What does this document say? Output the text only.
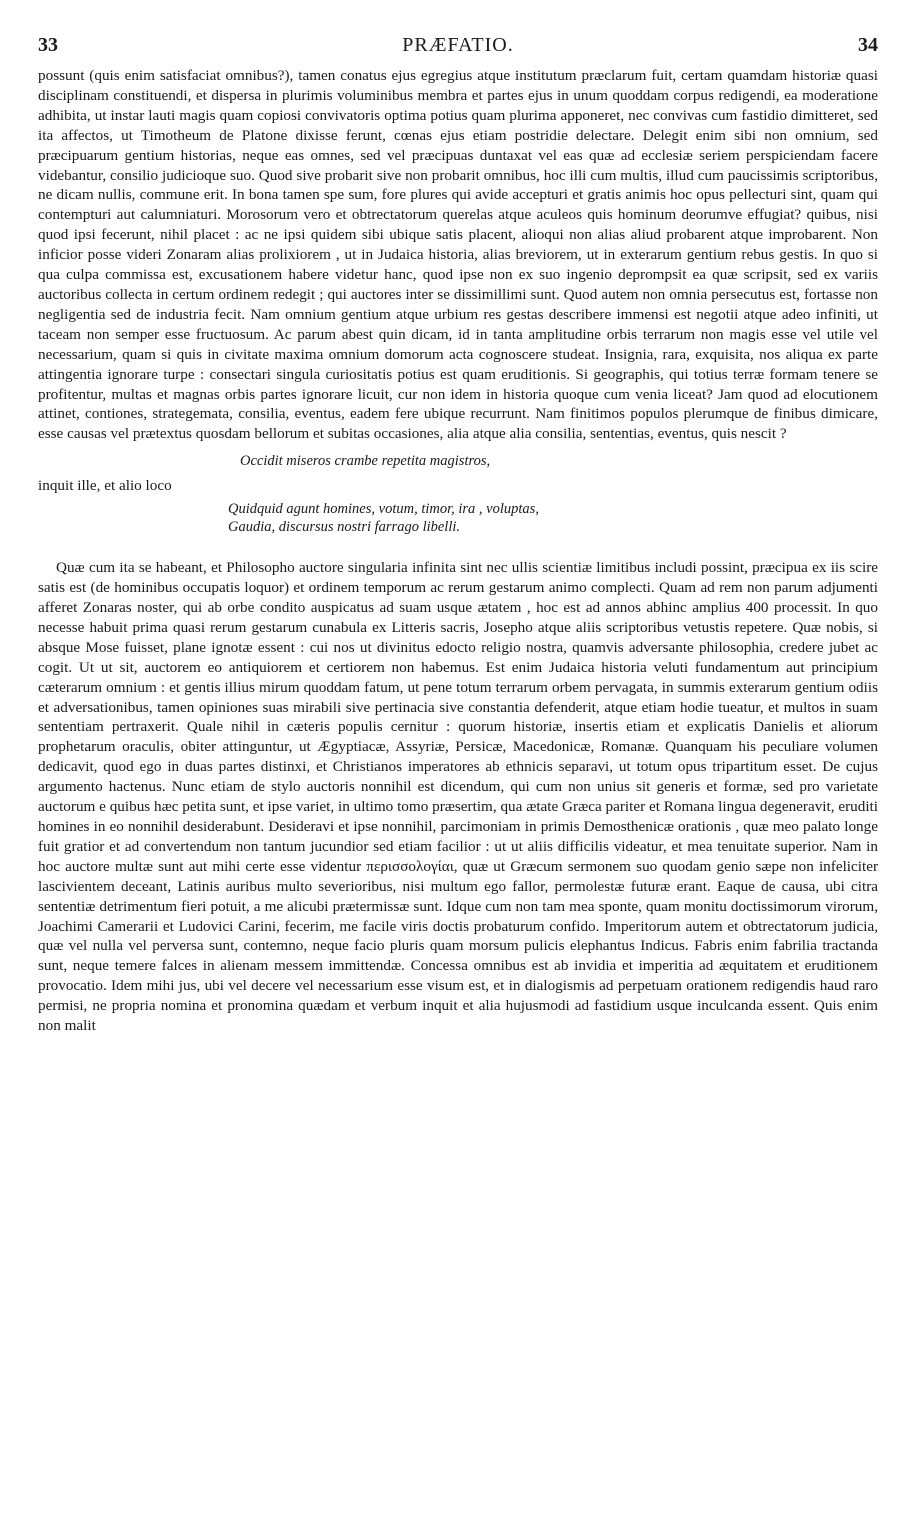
33	PRÆFATIO.	34

possunt (quis enim satisfaciat omnibus?), tamen conatus ejus egregius atque institutum præclarum fuit, certam quamdam historiæ quasi disciplinam constituendi, et dispersa in plurimis voluminibus membra et partes ejus in unum quoddam corpus redigendi, ea moderatione adhibita, ut instar lauti magis quam copiosi convivatoris optima potius quam plurima apponeret, nec convivas cum fastidio dimitteret, sed ita affectos, ut Timotheum de Platone dixisse ferunt, cœnas ejus etiam postridie delectare. Delegit enim sibi non omnium, sed præcipuarum gentium historias, neque eas omnes, sed vel præcipuas duntaxat vel eas quæ ad ecclesiæ seriem perspiciendam facere videbantur, consilio judicioque suo. Quod sive probarit sive non probarit omnibus, hoc illi cum multis, illud cum paucissimis scriptoribus, ne dicam nullis, commune erit. In bona tamen spe sum, fore plures qui avide accepturi et gratis animis hoc opus pellecturi sint, quam qui contempturi aut calumniaturi. Morosorum vero et obtrectatorum querelas atque aculeos quis hominum deorumve effugiat? quibus, nisi quod ipsi fecerunt, nihil placet : ac ne ipsi quidem sibi ubique satis placent, alioqui non alias aliud probarent atque improbarent. Non inficior posse videri Zonaram alias prolixiorem , ut in Judaica historia, alias breviorem, ut in exterarum gentium rebus gestis. In quo si qua culpa commissa est, excusationem habere videtur hanc, quod ipse non ex suo ingenio deprompsit ea quæ scripsit, sed ex variis auctoribus collecta in certum ordinem redegit ; qui auctores inter se dissimillimi sunt. Quod autem non omnia persecutus est, fortasse non negligentia sed de industria fecit. Nam omnium gentium atque urbium res gestas describere immensi est negotii atque adeo infiniti, ut taceam non semper esse fructuosum. Ac parum abest quin dicam, id in tanta amplitudine orbis terrarum non magis esse vel utile vel necessarium, quam si quis in civitate maxima omnium domorum acta cognoscere studeat. Insignia, rara, exquisita, nos aliqua ex parte attingentia ignorare turpe : consectari singula curiositatis potius est quam eruditionis. Si geographis, qui totius terræ formam tenere se profitentur, multas et magnas orbis partes ignorare licuit, cur non idem in historia quoque cum venia liceat? Jam quod ad elocutionem attinet, contiones, strategemata, consilia, eventus, eadem fere ubique recurrunt. Nam finitimos populos plerumque de finibus dimicare, esse causas vel prætextus quosdam bellorum et subitas occasiones, alia atque alia consilia, sententias, eventus, quis nescit ?

Occidit miseros crambe repetita magistros,
inquit ille, et alio loco
Quidquid agunt homines, votum, timor, ira , voluptas,
Gaudia, discursus nostri farrago libelli.

Quæ cum ita se habeant, et Philosopho auctore singularia infinita sint nec ullis scientiæ limitibus includi possint, præcipua ex iis scire satis est (de hominibus occupatis loquor) et ordinem temporum ac rerum gestarum animo complecti. Quam ad rem non parum adjumenti afferet Zonaras noster, qui ab orbe condito auspicatus ad suam usque ætatem , hoc est ad annos abhinc amplius 400 processit. In quo necesse habuit prima quasi rerum gestarum cunabula ex Litteris sacris, Josepho atque aliis scriptoribus vetustis repetere. Quæ nobis, si absque Mose fuisset, plane ignotæ essent : cui nos ut divinitus edocto religio nostra, quamvis adversante philosophia, credere jubet ac cogit. Ut ut sit, auctorem eo antiquiorem et certiorem non habemus. Est enim Judaica historia veluti fundamentum aut principium cæterarum omnium : et gentis illius mirum quoddam fatum, ut pene totum terrarum orbem pervagata, in summis exterarum gentium odiis et adversationibus, tamen opiniones suas mirabili sive pertinacia sive constantia defenderit, atque etiam hodie tueatur, et multos in suam sententiam pertraxerit. Quale nihil in cæteris populis cernitur : quorum historiæ, insertis etiam et explicatis Danielis et aliorum prophetarum oraculis, obiter attinguntur, ut Ægyptiacæ, Assyriæ, Persicæ, Macedonicæ, Romanæ. Quanquam his peculiare volumen dedicavit, quod ego in duas partes distinxi, et Christianos imperatores ab ethnicis separavi, ut totum opus tripartitum esset. De cujus argumento hactenus. Nunc etiam de stylo auctoris nonnihil est dicendum, qui cum non unius sit generis et formæ, sed pro varietate auctorum e quibus hæc petita sunt, et ipse variet, in ultimo tomo præsertim, qua ætate Græca pariter et Romana lingua degeneravit, eruditi homines in eo nonnihil desiderabunt. Desideravi et ipse nonnihil, parcimoniam in primis Demosthenicæ orationis , quæ meo palato longe fuit gratior et ad convertendum non tantum jucundior sed etiam facilior : ut ut aliis difficilis videatur, et mea tenuitate superior. Nam in hoc auctore multæ sunt aut mihi certe esse videntur περισσολογίαι, quæ ut Græcum sermonem suo quodam genio sæpe non infeliciter lascivientem deceant, Latinis auribus multo severioribus, nisi multum ego fallor, permolestæ futuræ erant. Eaque de causa, ubi citra sententiæ detrimentum fieri potuit, a me alicubi prætermissæ sunt. Idque cum non tam mea sponte, quam monitu doctissimorum virorum, Joachimi Camerarii et Ludovici Carini, fecerim, me facile viris doctis probaturum confido. Imperitorum autem et obtrectatorum judicia, quæ vel nulla vel perversa sunt, contemno, neque facio pluris quam morsum pulicis elephantus Indicus. Fabris enim fabrilia tractanda sunt, neque temere falces in alienam messem immittendæ. Concessa omnibus est ab invidia et imperitia ad æquitatem et eruditionem provocatio. Idem mihi jus, ubi vel decere vel necessarium esse visum est, et in dialogismis ad perpetuam orationem redigendis haud raro permisi, ne propria nomina et pronomina quædam et verbum inquit et alia hujusmodi ad fastidium usque inculcanda essent. Quis enim non malit
